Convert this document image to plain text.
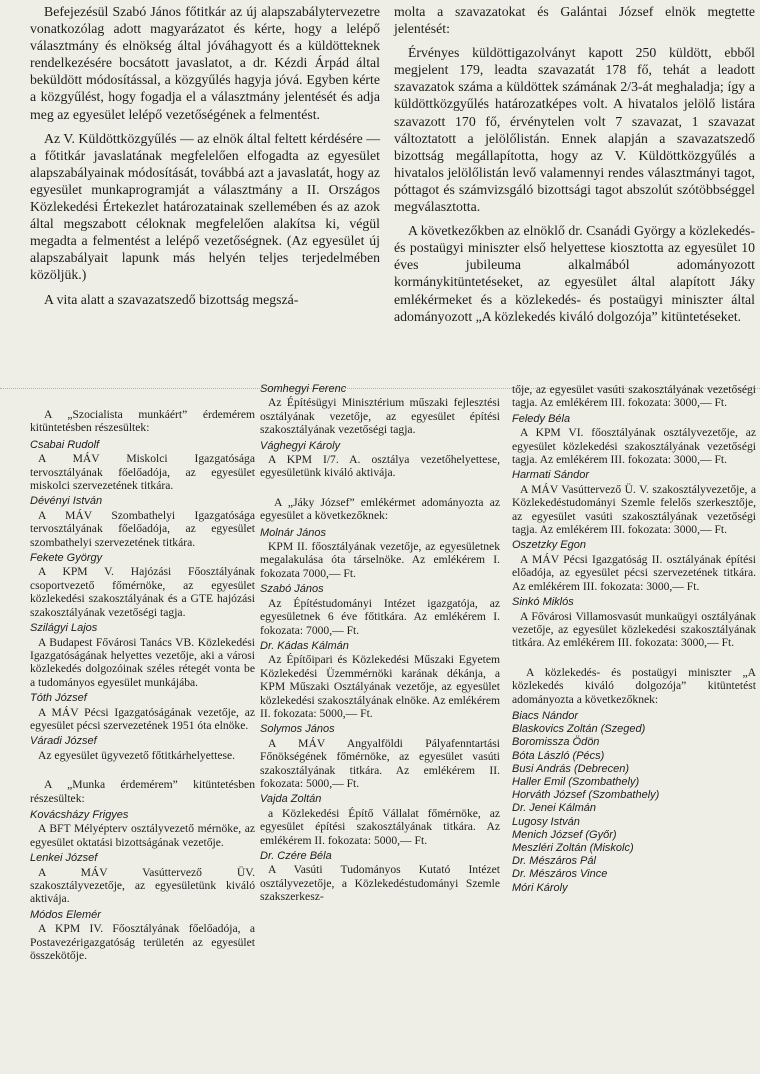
Befejezésül Szabó János főtitkár az új alapszabálytervezetre vonatkozólag adott magyarázatot és kérte, hogy a lelépő választmány és elnökség által jóváhagyott és a küldötteknek rendelkezésére bocsátott javaslatot, a dr. Kézdi Árpád által beküldött módosítással, a közgyűlés hagyja jóvá. Egyben kérte a közgyűlést, hogy fogadja el a választmány jelentését és adja meg az egyesület lelépő vezetőségének a felmentést.

Az V. Küldöttközgyűlés — az elnök által feltett kérdésére — a főtitkár javaslatának megfelelően elfogadta az egyesület alapszabályainak módosítását, továbbá azt a javaslatát, hogy az egyesület munkaprogramját a választmány a II. Országos Közlekedési Értekezlet határozatainak szellemében és az azok által megszabott céloknak megfelelően alakítsa ki, végül megadta a felmentést a lelépő vezetőségnek. (Az egyesület új alapszabályait lapunk más helyén teljes terjedelmében közöljük.)

A vita alatt a szavazatszedő bizottság megszá-

molta a szavazatokat és Galántai József elnök megtette jelentését:

Érvényes küldöttigazolványt kapott 250 küldött, ebből megjelent 179, leadta szavazatát 178 fő, tehát a leadott szavazatok száma a küldöttek számának 2/3-át meghaladja; így a küldöttközgyűlés határozatképes volt. A hivatalos jelölő listára szavazott 170 fő, érvénytelen volt 7 szavazat, 1 szavazat változtatott a jelölőlistán. Ennek alapján a szavazatszedő bizottság megállapította, hogy az V. Küldöttközgyűlés a hivatalos jelölőlistán levő valamennyi rendes választmányi tagot, póttagot és számvizsgáló bizottsági tagot abszolút szótöbbséggel megválasztotta.

A következőkben az elnöklő dr. Csanádi György a közlekedés- és postaügyi miniszter első helyettese kiosztotta az egyesület 10 éves jubileuma alkalmából adományozott kormánykitüntetéseket, az egyesület által alapított Jáky emlékérmeket és a közlekedés- és postaügyi miniszter által adományozott „A közlekedés kiváló dolgozója” kitüntetéseket.

A „Szocialista munkáért” érdemérem kitüntetésben részesültek:

Csabai Rudolf
A MÁV Miskolci Igazgatósága tervosztályának főelőadója, az egyesület miskolci szervezetének titkára.
Dévényi István
A MÁV Szombathelyi Igazgatósága tervosztályának főelőadója, az egyesület szombathelyi szervezetének titkára.
Fekete György
A KPM V. Hajózási Főosztályának csoportvezető főmérnöke, az egyesület közlekedési szakosztályának és a GTE hajózási szakosztályának vezetőségi tagja.
Szilágyi Lajos
A Budapest Fővárosi Tanács VB. Közlekedési Igazgatóságának helyettes vezetője, aki a városi közlekedés dolgozóinak széles rétegét vonta be a tudományos egyesület munkájába.
Tóth József
A MÁV Pécsi Igazgatóságának vezetője, az egyesület pécsi szervezetének 1951 óta elnöke.
Váradi József
Az egyesület ügyvezető főtitkárhelyettese.

A „Munka érdemérem” kitüntetésben részesültek:

Kovácsházy Frigyes
A BFT Mélyépterv osztályvezető mérnöke, az egyesület oktatási bizottságának vezetője.
Lenkei József
A MÁV Vasúttervező ÜV. szakosztályvezetője, az egyesületünk kiváló aktivája.
Módos Elemér
A KPM IV. Főosztályának főelőadója, a Postavezérigazgatóság területén az egyesület összekötője.
Somhegyi Ferenc
Az Építésügyi Minisztérium műszaki fejlesztési osztályának vezetője, az egyesület építési szakosztályának vezetőségi tagja.
Vághegyi Károly
A KPM I/7. A. osztálya vezetőhelyettese, egyesületünk kiváló aktivája.

A „Jáky József” emlékérmet adományozta az egyesület a következőknek:

Molnár János
KPM II. főosztályának vezetője, az egyesületnek megalakulása óta társelnöke. Az emlékérem I. fokozata 7000,— Ft.
Szabó János
Az Építéstudományi Intézet igazgatója, az egyesületnek 6 éve főtitkára. Az emlékérem I. fokozata: 7000,— Ft.
Dr. Kádas Kálmán
Az Építőipari és Közlekedési Műszaki Egyetem Közlekedési Üzemmérnöki karának dékánja, a KPM Műszaki Osztályának vezetője, az egyesület közlekedési szakosztályának elnöke. Az emlékérem II. fokozata: 5000,— Ft.
Solymos János
A MÁV Angyalföldi Pályafenntartási Főnökségének főmérnöke, az egyesület vasúti szakosztályának titkára. Az emlékérem II. fokozata: 5000,— Ft.
Vajda Zoltán
a Közlekedési Építő Vállalat főmérnöke, az egyesület építési szakosztályának titkára. Az emlékérem II. fokozata: 5000,— Ft.
Dr. Czére Béla
A Vasúti Tudományos Kutató Intézet osztályvezetője, a Közlekedéstudományi Szemle szakszerkesz-
tője, az egyesület vasúti szakosztályának vezetőségi tagja. Az emlékérem III. fokozata: 3000,— Ft.
Feledy Béla
A KPM VI. főosztályának osztályvezetője, az egyesület közlekedési szakosztályának vezetőségi tagja. Az emlékérem III. fokozata: 3000,— Ft.
Harmati Sándor
A MÁV Vasúttervező Ü. V. szakosztályvezetője, a Közlekedéstudományi Szemle felelős szerkesztője, az egyesület vasúti szakosztályának vezetőségi tagja. Az emlékérem III. fokozata: 3000,— Ft.
Oszetzky Egon
A MÁV Pécsi Igazgatóság II. osztályának építési előadója, az egyesület pécsi szervezetének titkára. Az emlékérem III. fokozata: 3000,— Ft.
Sinkó Miklós
A Fővárosi Villamosvasút munkaügyi osztályának vezetője, az egyesület közlekedési szakosztályának titkára. Az emlékérem III. fokozata: 3000,— Ft.

A közlekedés- és postaügyi miniszter „A közlekedés kiváló dolgozója” kitüntetést adományozta a következőknek:

Biacs Nándor
Blaskovics Zoltán (Szeged)
Boromissza Ödön
Bóta László (Pécs)
Busi András (Debrecen)
Haller Emil (Szombathely)
Horváth József (Szombathely)
Dr. Jenei Kálmán
Lugosy István
Menich József (Győr)
Meszléri Zoltán (Miskolc)
Dr. Mészáros Pál
Dr. Mészáros Vince
Móri Károly
